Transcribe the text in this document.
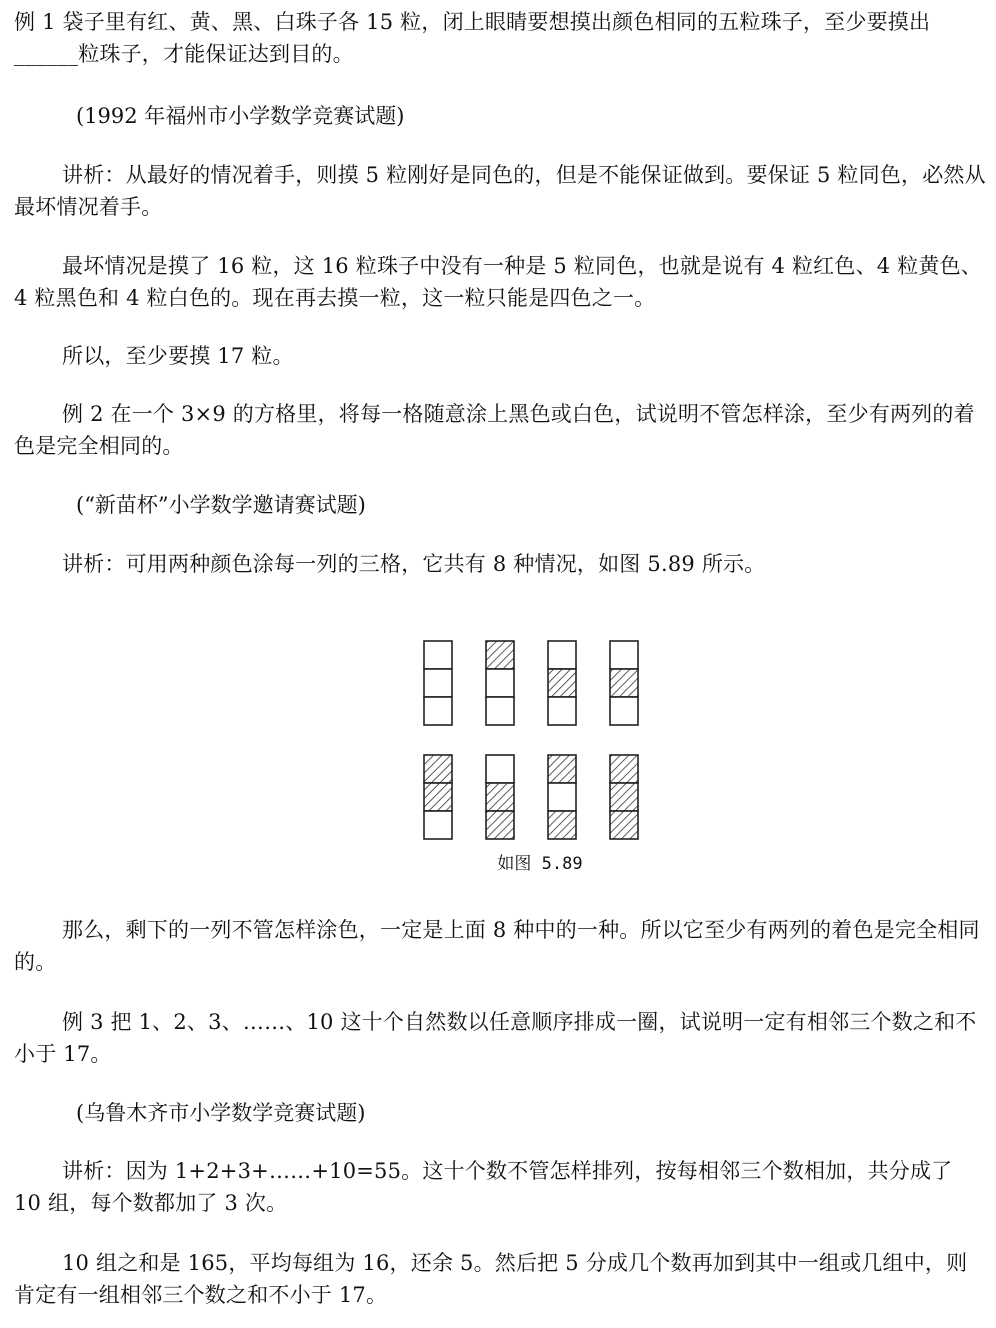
例 1 袋子里有红、黄、黑、白珠子各 15 粒，闭上眼睛要想摸出颜色相同的五粒珠子，至少要摸出______粒珠子，才能保证达到目的。

(1992 年福州市小学数学竞赛试题)

讲析：从最好的情况着手，则摸 5 粒刚好是同色的，但是不能保证做到。要保证 5 粒同色，必然从最坏情况着手。

最坏情况是摸了 16 粒，这 16 粒珠子中没有一种是 5 粒同色，也就是说有 4 粒红色、4 粒黄色、4 粒黑色和 4 粒白色的。现在再去摸一粒，这一粒只能是四色之一。

所以，至少要摸 17 粒。

例 2 在一个 3×9 的方格里，将每一格随意涂上黑色或白色，试说明不管怎样涂，至少有两列的着色是完全相同的。

(“新苗杯”小学数学邀请赛试题)

讲析：可用两种颜色涂每一列的三格，它共有 8 种情况，如图 5.89 所示。

如图 5.89

那么，剩下的一列不管怎样涂色，一定是上面 8 种中的一种。所以它至少有两列的着色是完全相同的。

例 3 把 1、2、3、……、10 这十个自然数以任意顺序排成一圈，试说明一定有相邻三个数之和不小于 17。

(乌鲁木齐市小学数学竞赛试题)

讲析：因为 1+2+3+……+10=55。这十个数不管怎样排列，按每相邻三个数相加，共分成了 10 组，每个数都加了 3 次。

10 组之和是 165，平均每组为 16，还余 5。然后把 5 分成几个数再加到其中一组或几组中，则肯定有一组相邻三个数之和不小于 17。
